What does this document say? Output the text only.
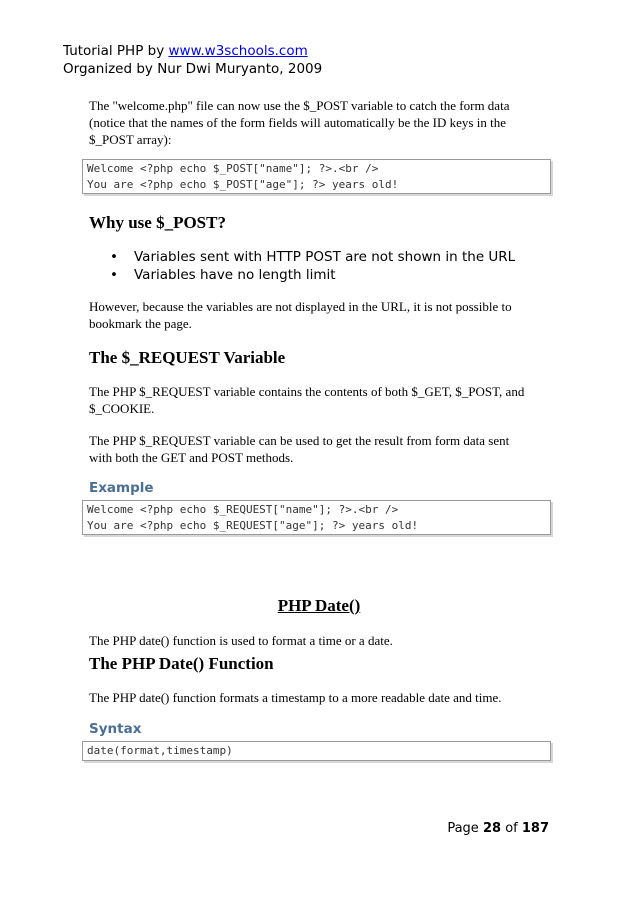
Tutorial PHP by www.w3schools.com
Organized by Nur Dwi Muryanto, 2009
The "welcome.php" file can now use the $_POST variable to catch the form data
(notice that the names of the form fields will automatically be the ID keys in the
$_POST array):
Welcome <?php echo $_POST["name"]; ?>.<br />
You are <?php echo $_POST["age"]; ?> years old!
Why use $_POST?
• Variables sent with HTTP POST are not shown in the URL
• Variables have no length limit
However, because the variables are not displayed in the URL, it is not possible to
bookmark the page.
The $_REQUEST Variable
The PHP $_REQUEST variable contains the contents of both $_GET, $_POST, and
$_COOKIE.
The PHP $_REQUEST variable can be used to get the result from form data sent
with both the GET and POST methods.
Example
Welcome <?php echo $_REQUEST["name"]; ?>.<br />
You are <?php echo $_REQUEST["age"]; ?> years old!
PHP Date()
The PHP date() function is used to format a time or a date.
The PHP Date() Function
The PHP date() function formats a timestamp to a more readable date and time.
Syntax
date(format,timestamp)
Page 28 of 187
